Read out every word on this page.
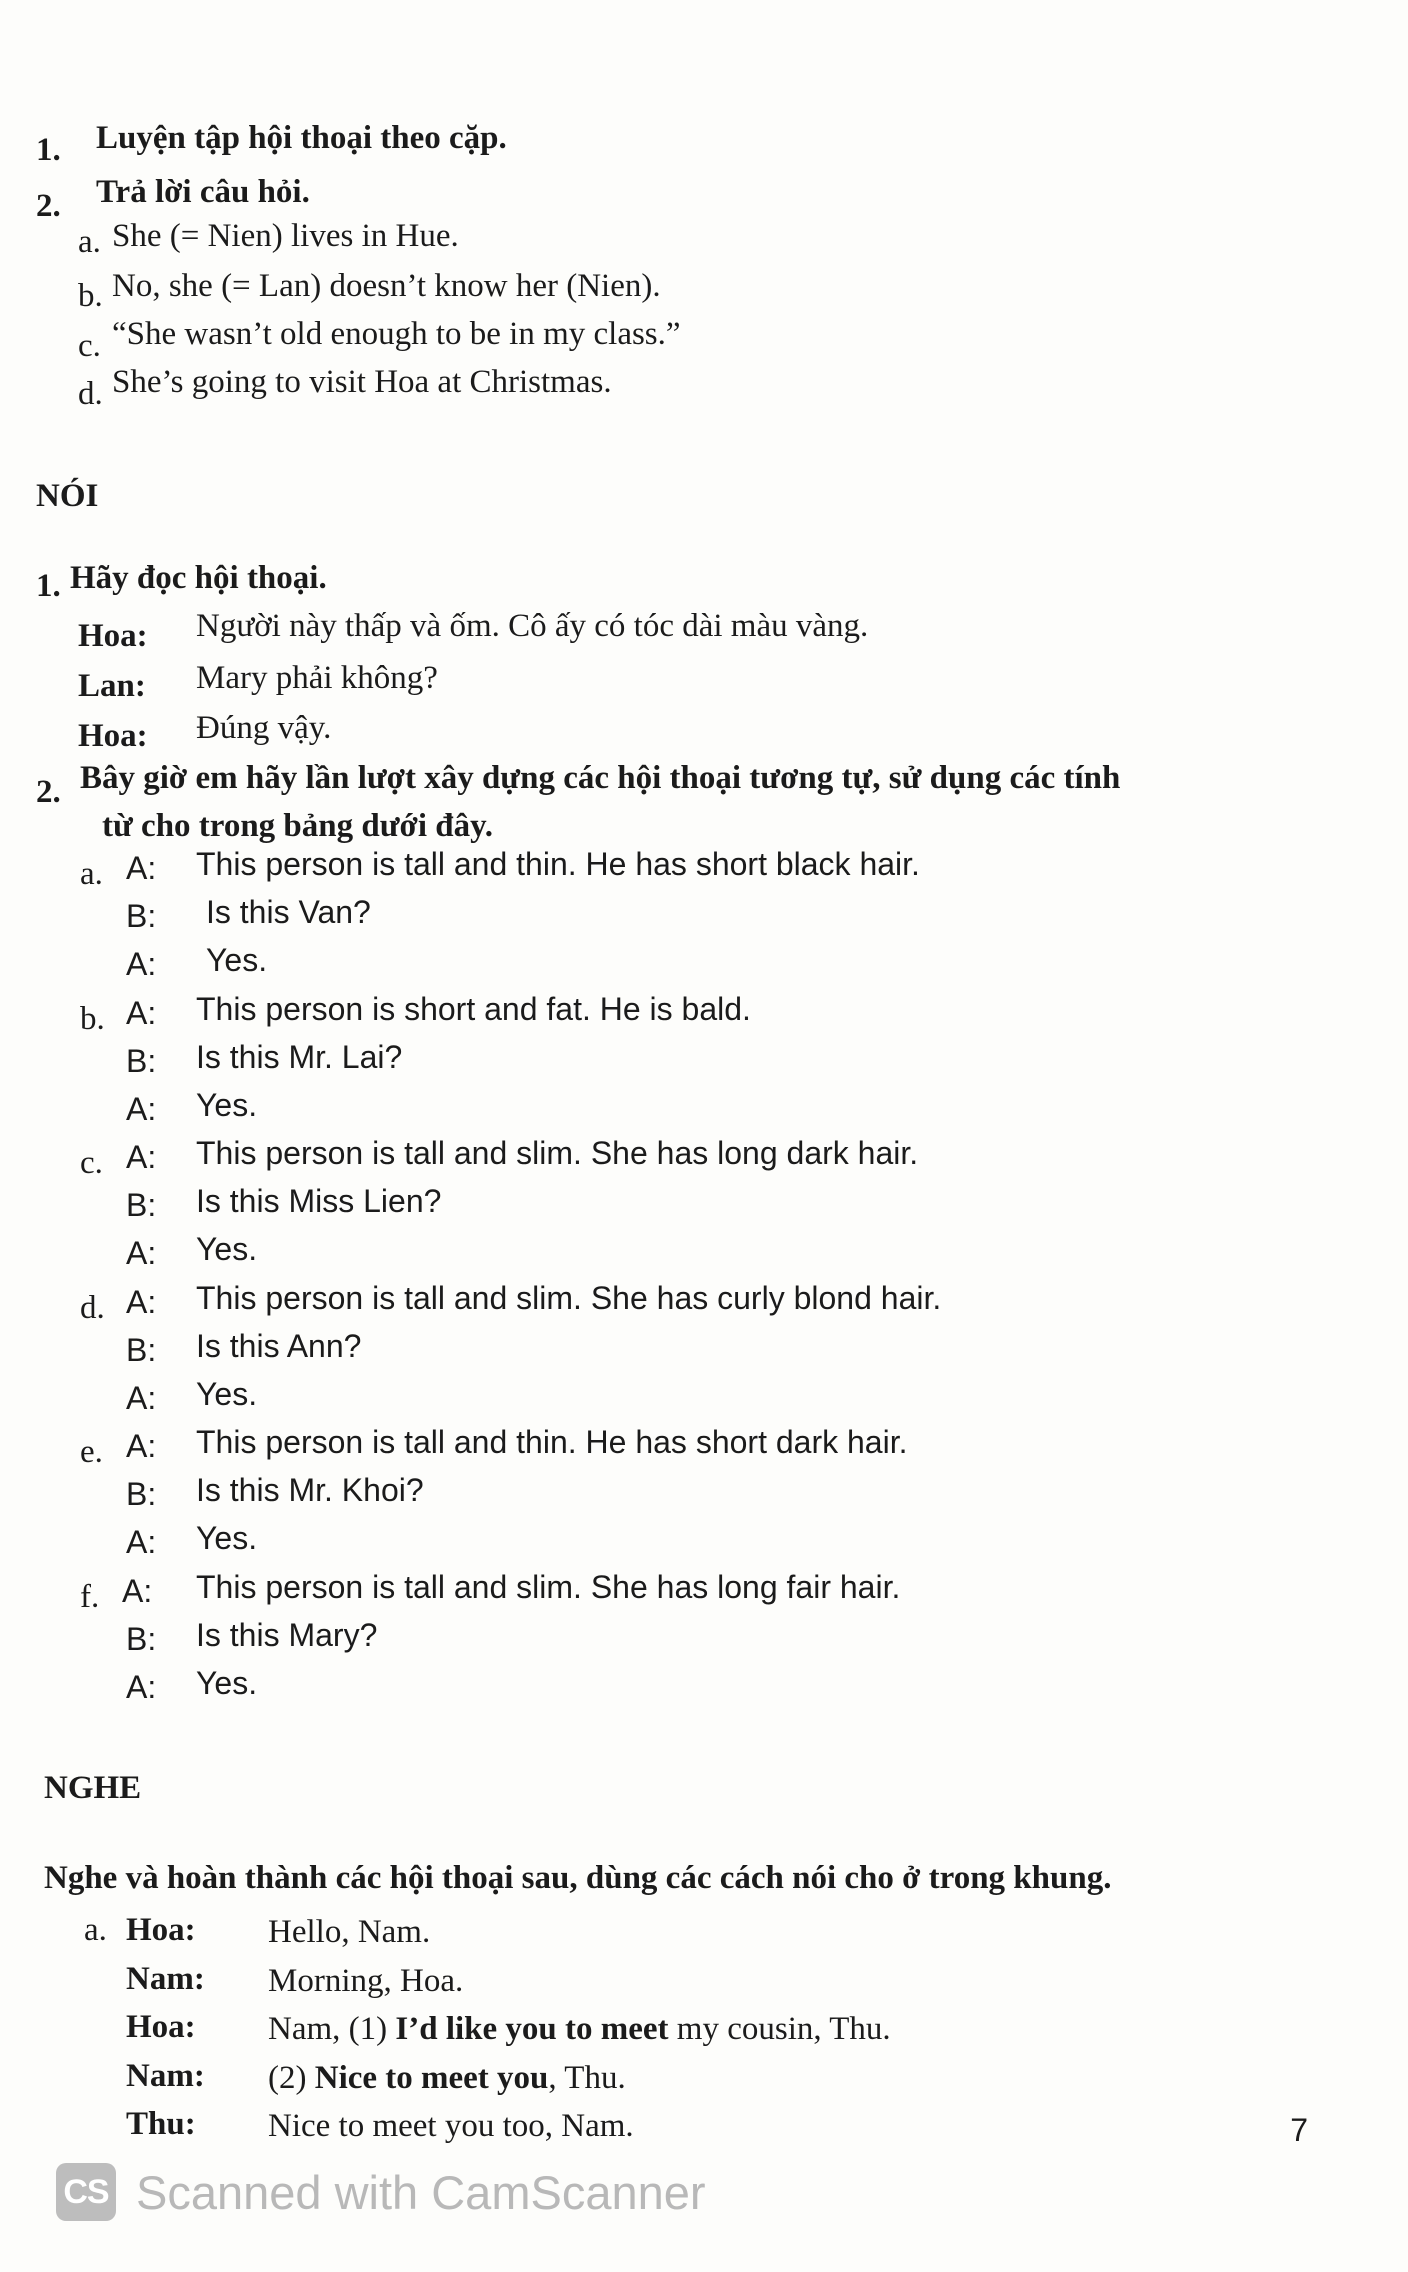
1. Luyện tập hội thoại theo cặp.
2. Trả lời câu hỏi.
a. She (= Nien) lives in Hue.
b. No, she (= Lan) doesn’t know her (Nien).
c. “She wasn’t old enough to be in my class.”
d. She’s going to visit Hoa at Christmas.
NÓI
1. Hãy đọc hội thoại.
Hoa: Người này thấp và ốm. Cô ấy có tóc dài màu vàng.
Lan: Mary phải không?
Hoa: Đúng vậy.
2. Bây giờ em hãy lần lượt xây dựng các hội thoại tương tự, sử dụng các tính
từ cho trong bảng dưới đây.
a. A: This person is tall and thin. He has short black hair.
B: Is this Van?
A: Yes.
b. A: This person is short and fat. He is bald.
B: Is this Mr. Lai?
A: Yes.
c. A: This person is tall and slim. She has long dark hair.
B: Is this Miss Lien?
A: Yes.
d. A: This person is tall and slim. She has curly blond hair.
B: Is this Ann?
A: Yes.
e. A: This person is tall and thin. He has short dark hair.
B: Is this Mr. Khoi?
A: Yes.
f. A: This person is tall and slim. She has long fair hair.
B: Is this Mary?
A: Yes.
NGHE
Nghe và hoàn thành các hội thoại sau, dùng các cách nói cho ở trong khung.
a. Hoa: Hello, Nam.
Nam: Morning, Hoa.
Hoa: Nam, (1) I’d like you to meet my cousin, Thu.
Nam: (2) Nice to meet you, Thu.
Thu: Nice to meet you too, Nam.	7
CS Scanned with CamScanner
